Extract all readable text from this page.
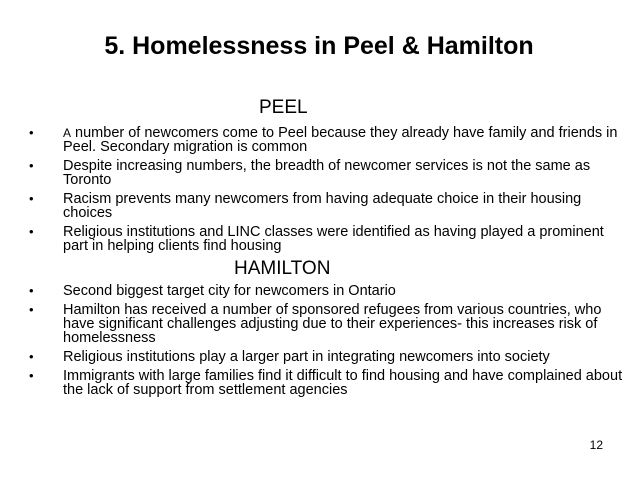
5. Homelessness in Peel & Hamilton
PEEL
• A number of newcomers come to Peel because they already have family and friends in Peel. Secondary migration is common
• Despite increasing numbers, the breadth of newcomer services is not the same as Toronto
• Racism prevents many newcomers from having adequate choice in their housing choices
• Religious institutions and LINC classes were identified as having played a prominent part in helping clients find housing
HAMILTON
• Second biggest target city for newcomers in Ontario
• Hamilton has received a number of sponsored refugees from various countries, who have significant challenges adjusting due to their experiences- this increases risk of homelessness
• Religious institutions play a larger part in integrating newcomers into society
• Immigrants with large families find it difficult to find housing and have complained about the lack of support from settlement agencies
12
